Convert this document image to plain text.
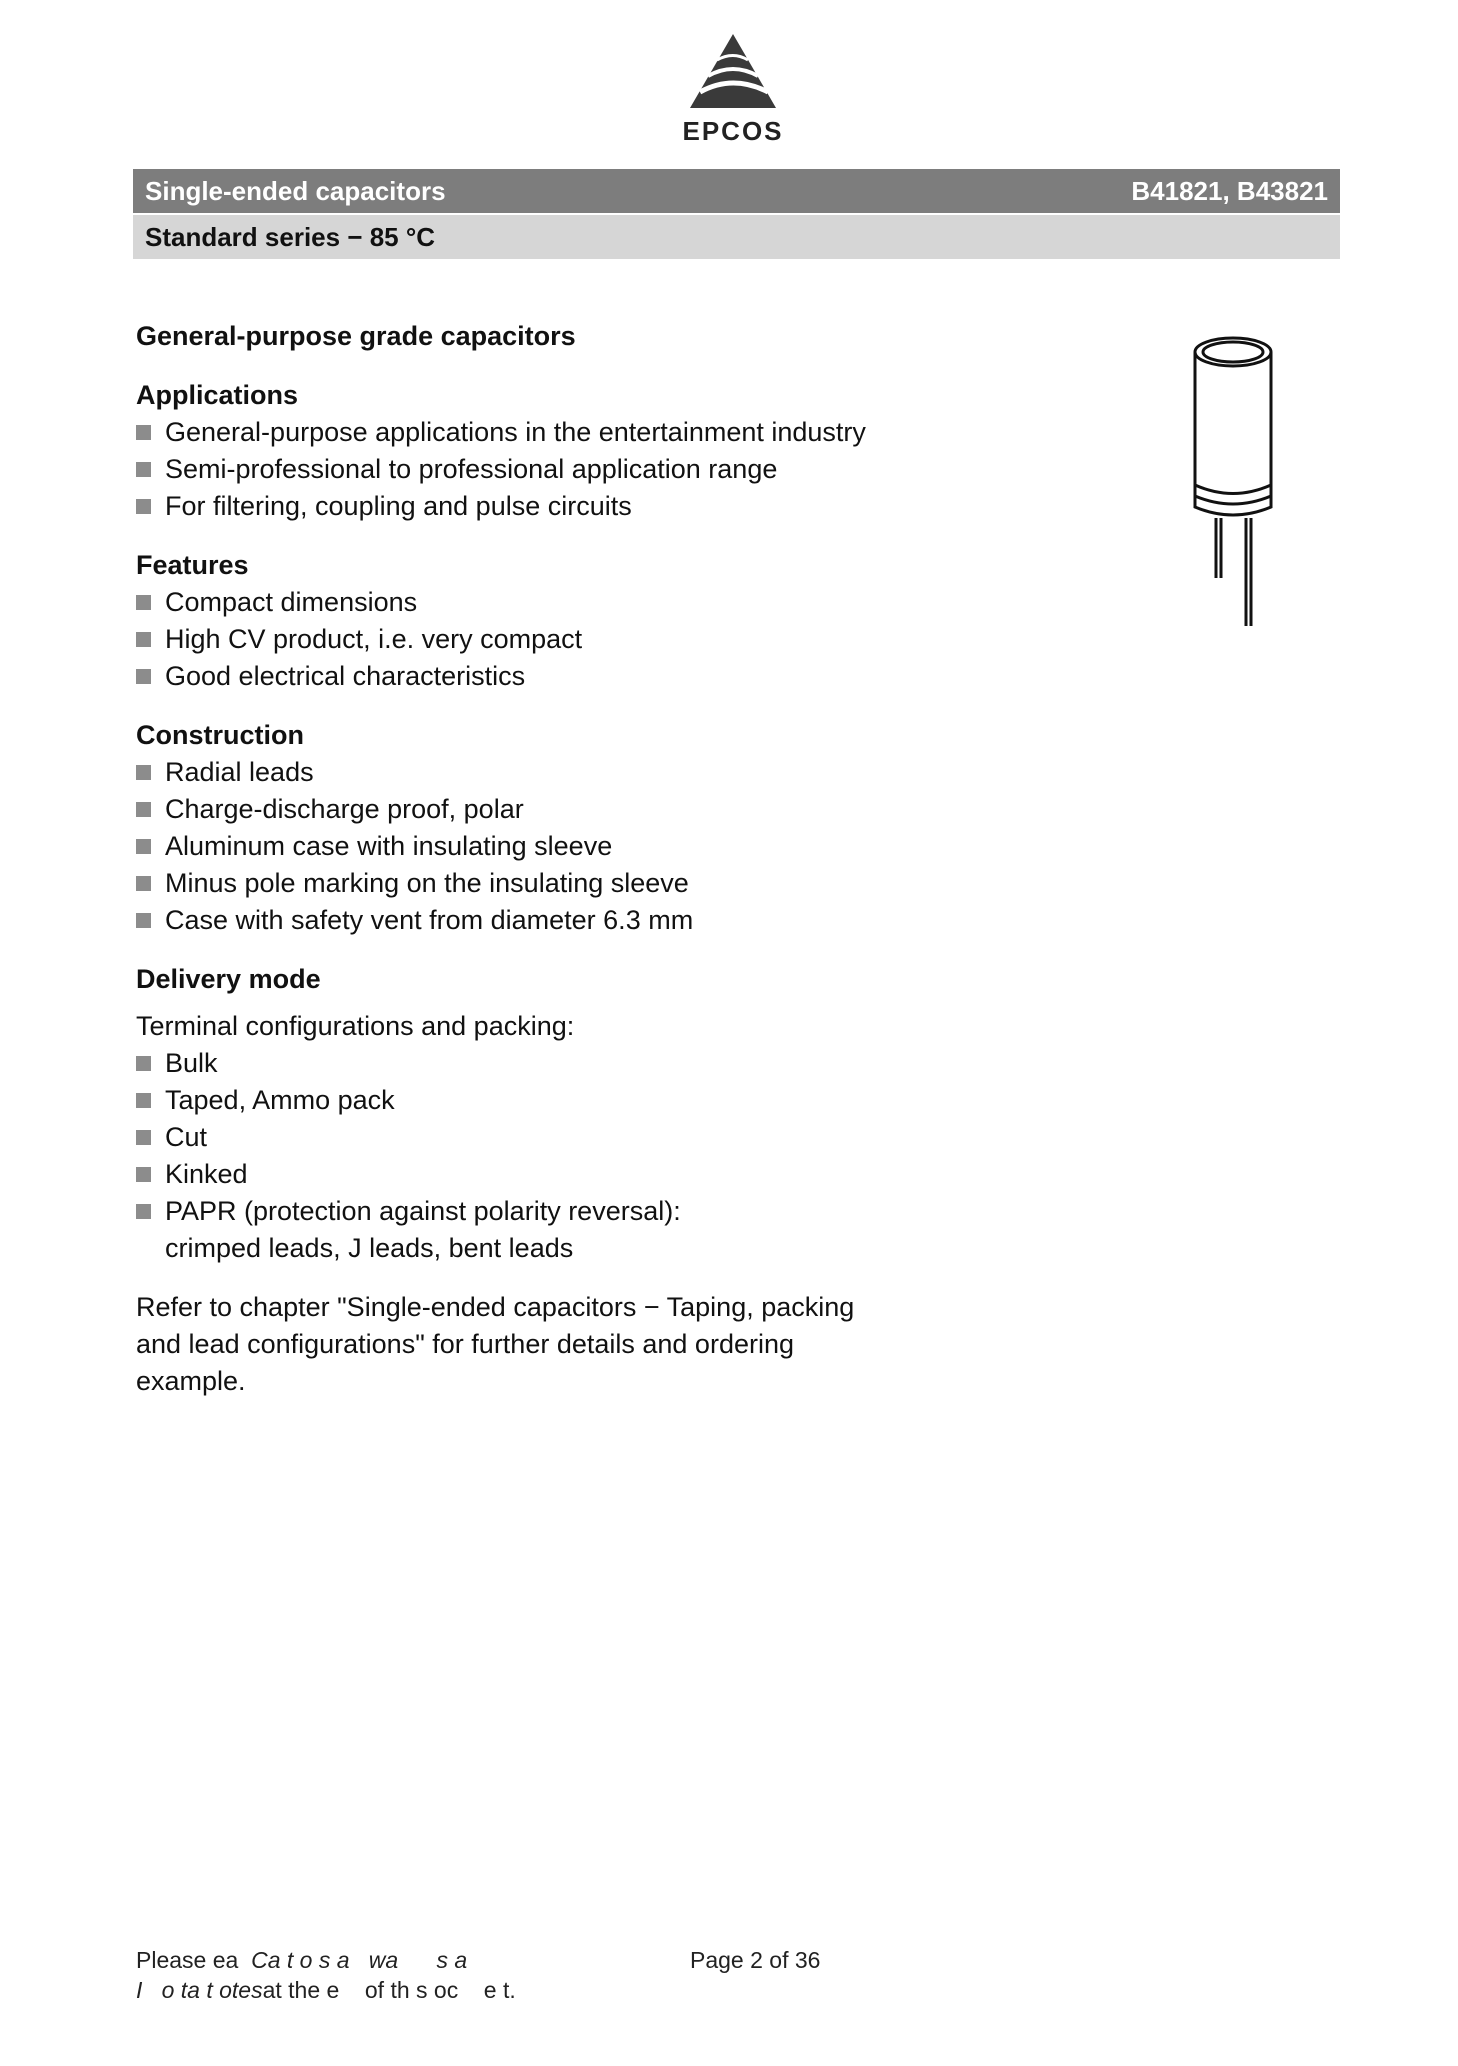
EPCOS
Single-ended capacitors	B41821, B43821
Standard series − 85 °C
General-purpose grade capacitors
Applications
General-purpose applications in the entertainment industry
Semi-professional to professional application range
For filtering, coupling and pulse circuits
Features
Compact dimensions
High CV product, i.e. very compact
Good electrical characteristics
Construction
Radial leads
Charge-discharge proof, polar
Aluminum case with insulating sleeve
Minus pole marking on the insulating sleeve
Case with safety vent from diameter 6.3 mm
Delivery mode

Terminal configurations and packing:

Bulk
Taped, Ammo pack
Cut
Kinked
PAPR (protection against polarity reversal):
crimped leads, J leads, bent leads

Refer to chapter "Single-ended capacitors − Taping, packing

and lead configurations" for further details and ordering

example.

Please ea Ca t o s a wa s a
I o ta t otesat the e of th s oc e t.
Page 2 of 36
